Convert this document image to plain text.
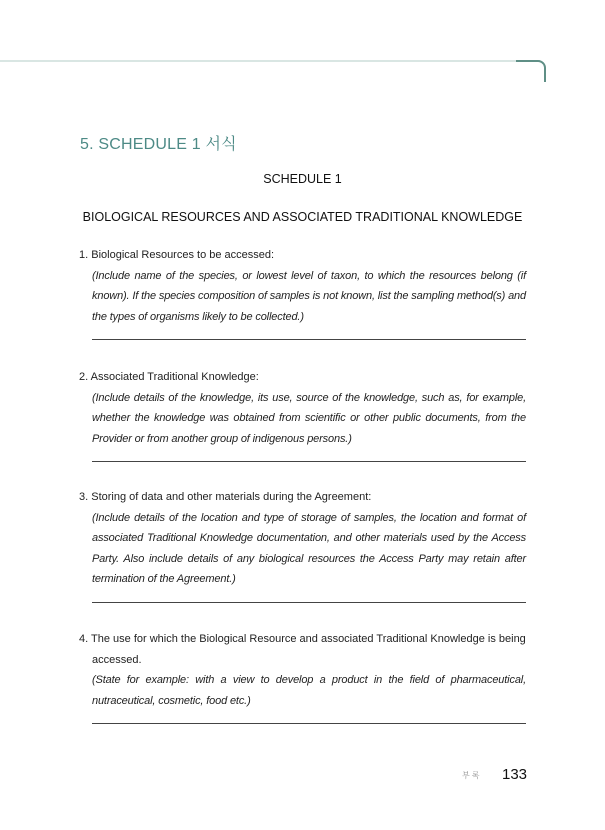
5. SCHEDULE 1 서식
SCHEDULE 1
BIOLOGICAL RESOURCES AND ASSOCIATED TRADITIONAL KNOWLEDGE
1. Biological Resources to be accessed:
(Include name of the species, or lowest level of taxon, to which the resources belong (if known). If the species composition of samples is not known, list the sampling method(s) and the types of organisms likely to be collected.)
2. Associated Traditional Knowledge:
(Include details of the knowledge, its use, source of the knowledge, such as, for example, whether the knowledge was obtained from scientific or other public documents, from the Provider or from another group of indigenous persons.)
3. Storing of data and other materials during the Agreement:
(Include details of the location and type of storage of samples, the location and format of associated Traditional Knowledge documentation, and other materials used by the Access Party. Also include details of any biological resources the Access Party may retain after termination of the Agreement.)
4. The use for which the Biological Resource and associated Traditional Knowledge is being
accessed.
(State for example: with a view to develop a product in the field of pharmaceutical, nutraceutical, cosmetic, food etc.)
부록 133
